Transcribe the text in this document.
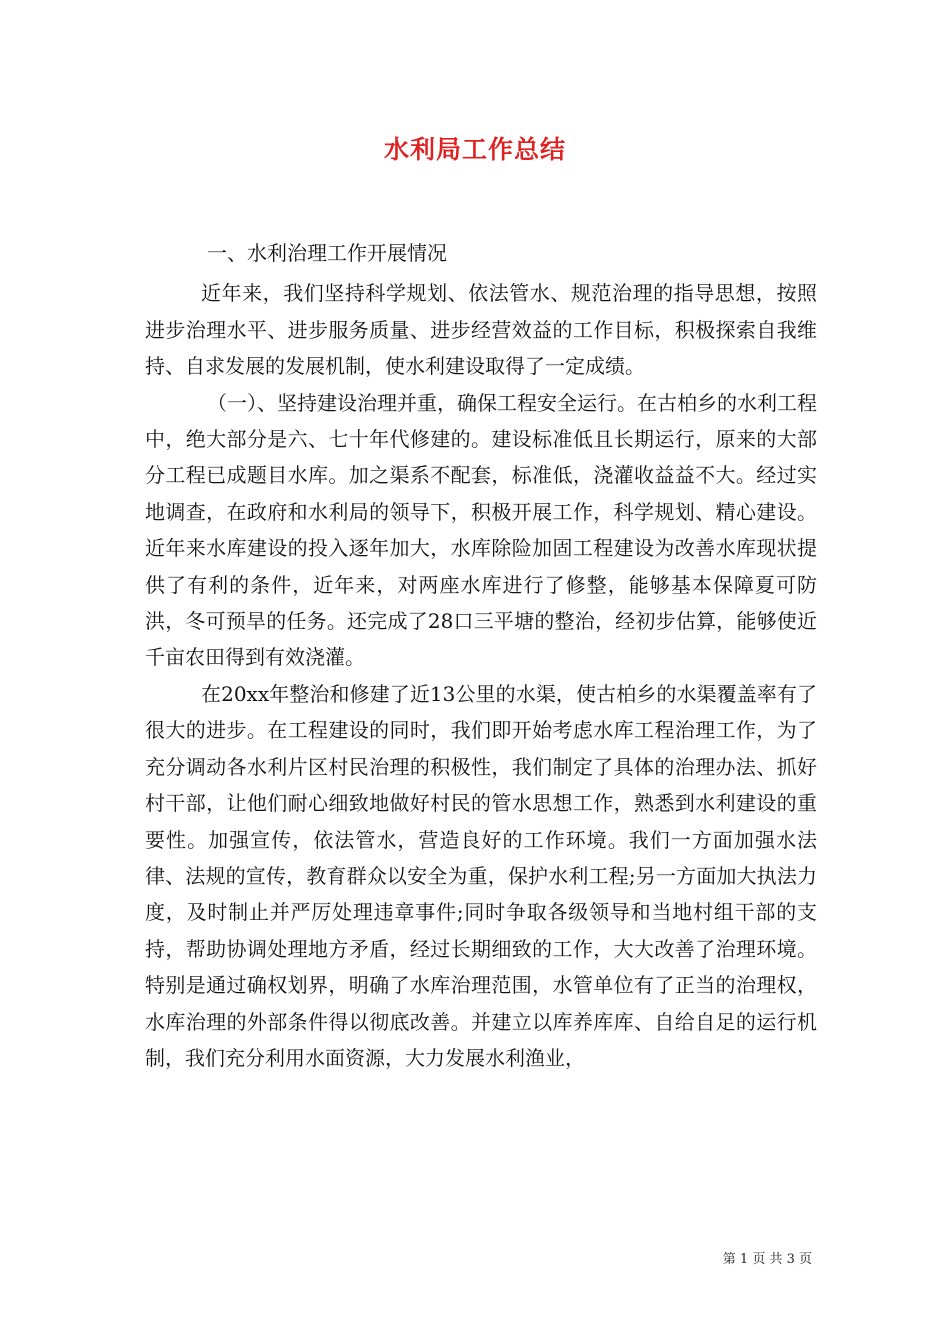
水利局工作总结

一、水利治理工作开展情况

近年来，我们坚持科学规划、依法管水、规范治理的指导思想，按照进步治理水平、进步服务质量、进步经营效益的工作目标，积极探索自我维持、自求发展的发展机制，使水利建设取得了一定成绩。

（一）、坚持建设治理并重，确保工程安全运行。在古柏乡的水利工程中，绝大部分是六、七十年代修建的。建设标准低且长期运行，原来的大部分工程已成题目水库。加之渠系不配套，标准低，浇灌收益益不大。经过实地调查，在政府和水利局的领导下，积极开展工作，科学规划、精心建设。近年来水库建设的投入逐年加大，水库除险加固工程建设为改善水库现状提供了有利的条件，近年来，对两座水库进行了修整，能够基本保障夏可防洪，冬可预旱的任务。还完成了28口三平塘的整治，经初步估算，能够使近千亩农田得到有效浇灌。

在20xx年整治和修建了近13公里的水渠，使古柏乡的水渠覆盖率有了很大的进步。在工程建设的同时，我们即开始考虑水库工程治理工作，为了充分调动各水利片区村民治理的积极性，我们制定了具体的治理办法、抓好村干部，让他们耐心细致地做好村民的管水思想工作，熟悉到水利建设的重要性。加强宣传，依法管水，营造良好的工作环境。我们一方面加强水法律、法规的宣传，教育群众以安全为重，保护水利工程;另一方面加大执法力度，及时制止并严厉处理违章事件;同时争取各级领导和当地村组干部的支持，帮助协调处理地方矛盾，经过长期细致的工作，大大改善了治理环境。特别是通过确权划界，明确了水库治理范围，水管单位有了正当的治理权，水库治理的外部条件得以彻底改善。并建立以库养库库、自给自足的运行机制，我们充分利用水面资源，大力发展水利渔业，

第 1 页 共 3 页
